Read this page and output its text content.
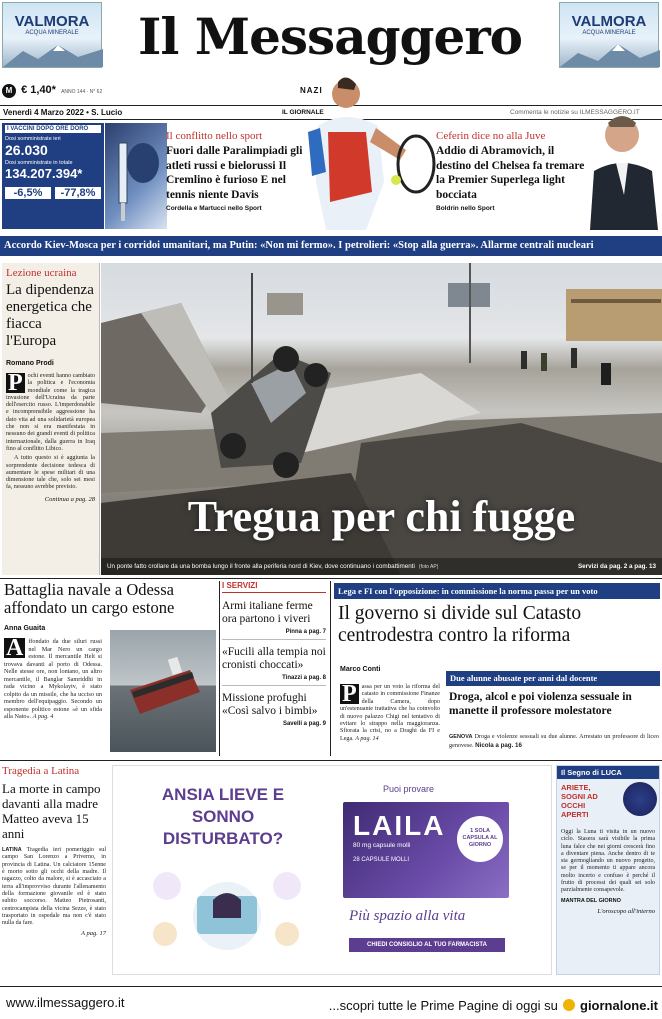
VALMORA
ACQUA MINERALE
VALMORA
ACQUA MINERALE
Il Messaggero
M € 1,40* ANNO 144 · N° 62	NAZI
Venerdì 4 Marzo 2022 • S. Lucio	IL GIORNALE	Commenta le notizie su ILMESSAGGERO.IT
I VACCINI DOPO ORE DORO
Dosi somministrate ieri
26.030
Dosi somministrate in totale
134.207.394*
-6,5%	-77,8%
Il conflitto nello sport
Fuori dalle Paralimpiadi gli atleti russi e bielorussi Il Cremlino è furioso E nel tennis niente Davis
Cordella e Martucci nello Sport
Ceferin dice no alla Juve
Addio di Abramovich, il destino del Chelsea fa tremare la Premier Superlega light bocciata
Boldrin nello Sport
Accordo Kiev-Mosca per i corridoi umanitari, ma Putin: «Non mi fermo». I petrolieri: «Stop alla guerra». Allarme centrali nucleari
Lezione ucraina
La dipendenza energetica che fiacca l'Europa
Romano Prodi
P ochi eventi hanno cambiato la politica e l'economia mondiale come la tragica invasione dell'Ucraina da parte dell'esercito russo. L'imperdonabile e incomprensibile aggressione ha dato vita ad una solidarietà europea che non si era manifestata in nessuno dei grandi eventi di politica internazionale, dalla guerra in Iraq fino al conflitto Libico.
A tutto questo si è aggiunta la sorprendente decisione tedesca di aumentare le spese militari di una dimensione tale che, solo sei mesi fa, nessuno avrebbe previsto.
Continua a pag. 28	Tregua per chi fugge
Un ponte fatto crollare da una bomba lungo il fronte alla periferia nord di Kiev, dove continuano i combattimenti (foto AP)	Servizi da pag. 2 a pag. 13
Battaglia navale a Odessa affondato un cargo estone
Anna Guaita
A ffondato da due siluri russi nel Mar Nero un cargo estone. Il mercantile Helt si trovava davanti al porto di Odessa. Nelle stesse ore, non lontano, un altro mercantile, il Banglar Samriddhi in rada vicino a Mykolayiv, è stato colpito da un missile, che ha ucciso un membro dell'equipaggio. Secondo un esponente politico estone «è un sfida alla Nato». A pag. 4
I SERVIZI
Armi italiane ferme ora partono i viveri
Pinna a pag. 7
«Fucili alla tempia noi cronisti choccati»
Tinazzi a pag. 8
Missione profughi «Così salvo i bimbi»
Savelli a pag. 9
Lega e FI con l'opposizione: in commissione la norma passa per un voto
Il governo si divide sul Catasto centrodestra contro la riforma
Marco Conti
P assa per un voto la riforma del catasto in commissione Finanze della Camera, dopo un'estenuante trattativa che ha coinvolto di nuovo palazzo Chigi nel tentativo di evitare lo strappo nella maggioranza. Sfiorata la crisi, no a Draghi da FI e Lega. A pag. 14
Due alunne abusate per anni dal docente
Droga, alcol e poi violenza sessuale in manette il professore molestatore
GENOVA Droga e violenze sessuali su due alunne. Arrestato un professore di liceo genovese. Nicola a pag. 16
Tragedia a Latina
La morte in campo davanti alla madre Matteo aveva 15 anni
LATINA Tragedia ieri pomeriggio sul campo San Lorenzo a Priverno, in provincia di Latina. Un calciatore 15enne è morto sotto gli occhi della madre. Il ragazzo, colto da malore, si è accasciato a terra all'improvviso durante l'allenamento della formazione giovanile ed è stato subito soccorso. Matteo Pietrosanti, centrocampista della vicina Sezze, è stato trasportato in ospedale ma non c'è stato nulla da fare.
A pag. 17
ANSIA LIEVE E SONNO DISTURBATO?
Puoi provare
LAILA
80 mg capsule molli
28 CAPSULE MOLLI
1 SOLA CAPSULA AL GIORNO
Più spazio alla vita
CHIEDI CONSIGLIO AL TUO FARMACISTA
Il Segno di LUCA
ARIETE, SOGNI AD OCCHI APERTI
Oggi la Luna ti visita in un nuovo ciclo. Stasera sarà visibile la prima luna falce che nei giorni crescerà fino a diventare piena. Anche dentro di te sta germogliando un nuovo progetto, se per il momento ti appare ancora molto incerto e confuso è perché il frutto di processi dei quali sei solo parzialmente consapevole.
MANTRA DEL GIORNO
L'oroscopo all'interno
www.ilmessaggero.it	...scopri tutte le Prime Pagine di oggi su giornalone.it
